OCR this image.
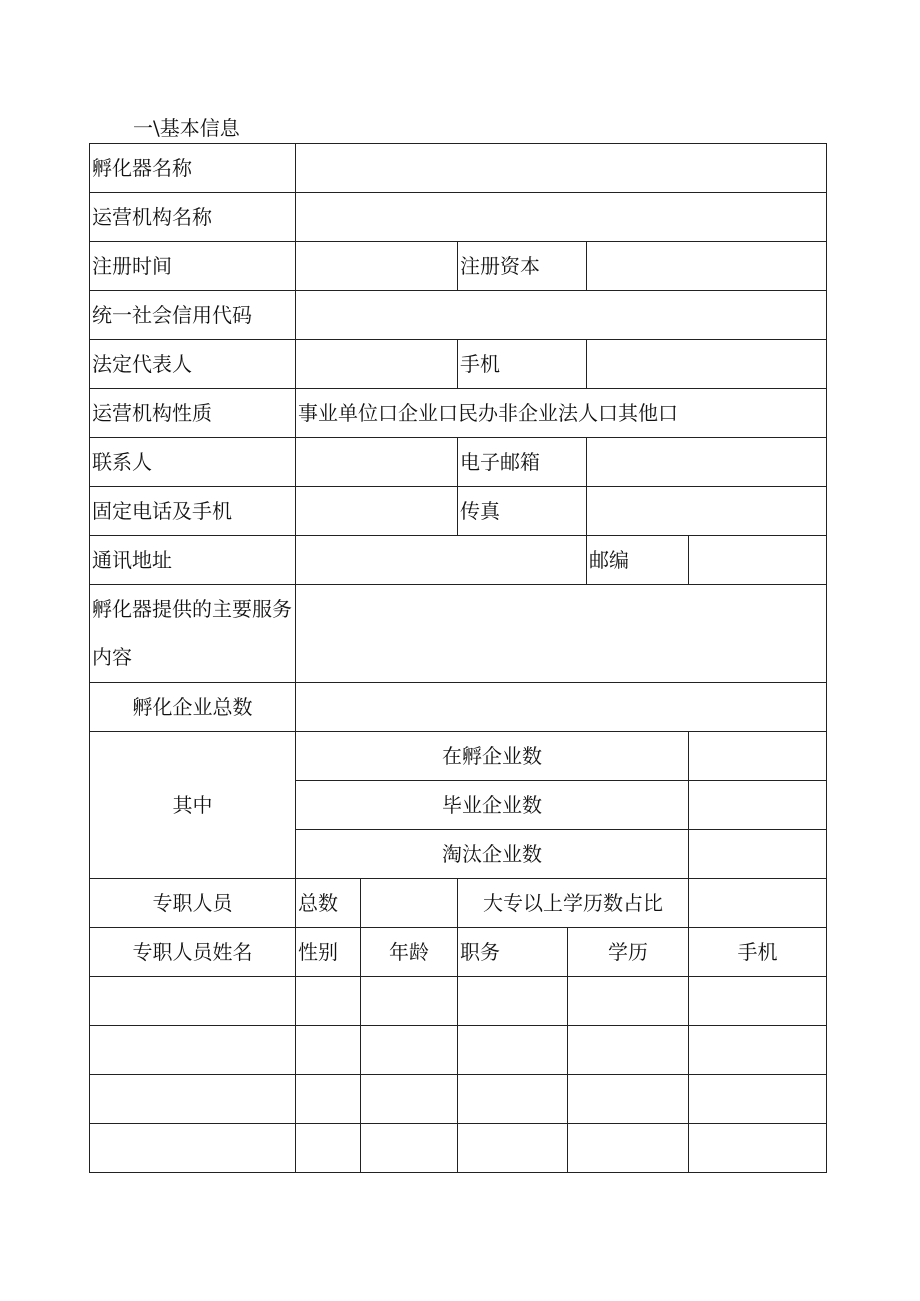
一\基本信息
孵化器名称						
运营机构名称						
注册时间			注册资本			
统一社会信用代码						
法定代表人			手机			
运营机构性质	事业单位口企业口民办非企业法人口其他口					
联系人			电子邮箱			
固定电话及手机			传真			
通讯地址					邮编	
孵化器提供的主要服务内容						
孵化企业总数						
其中	在孵企业数					
	毕业企业数					
	淘汰企业数					
专职人员	总数		大专以上学历数占比			
专职人员姓名	性别	年龄	职务	学历		手机
